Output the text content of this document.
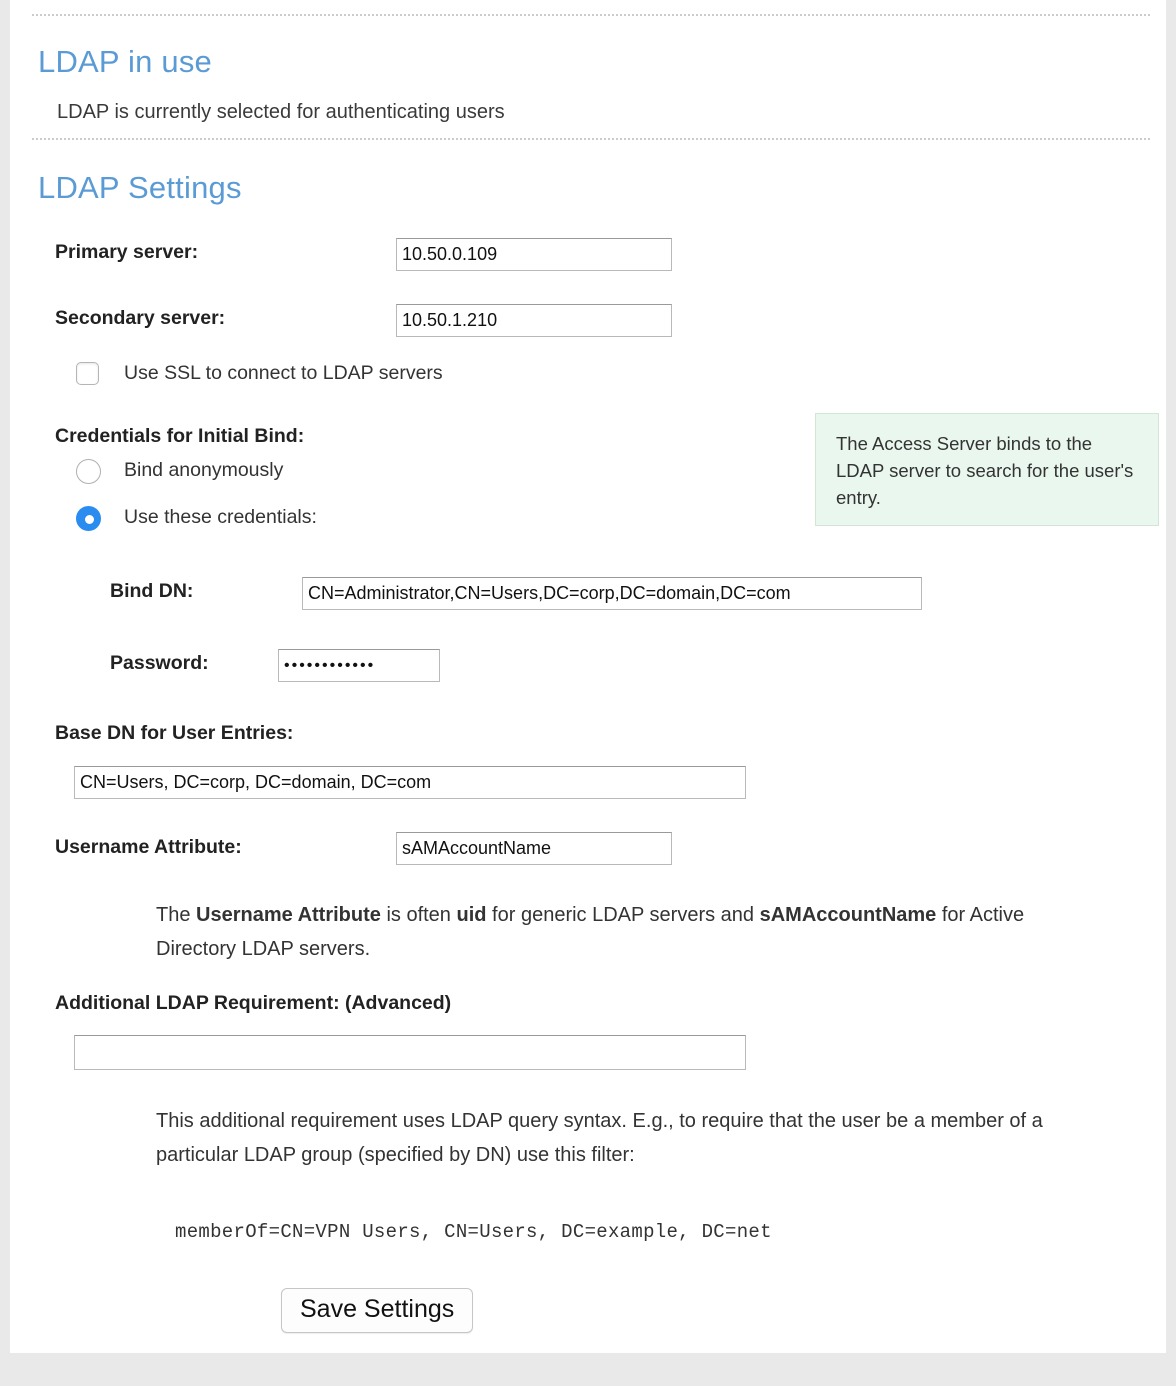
LDAP in use
LDAP is currently selected for authenticating users
LDAP Settings
Primary server:
10.50.0.109
Secondary server:
10.50.1.210
Use SSL to connect to LDAP servers
Credentials for Initial Bind:
Bind anonymously
Use these credentials:
The Access Server binds to the LDAP server to search for the user's entry.
Bind DN:
CN=Administrator,CN=Users,DC=corp,DC=domain,DC=com
Password:
••••••••••••
Base DN for User Entries:
CN=Users, DC=corp, DC=domain, DC=com
Username Attribute:
sAMAccountName
The Username Attribute is often uid for generic LDAP servers and sAMAccountName for Active Directory LDAP servers.
Additional LDAP Requirement: (Advanced)
This additional requirement uses LDAP query syntax. E.g., to require that the user be a member of a particular LDAP group (specified by DN) use this filter:
memberOf=CN=VPN Users, CN=Users, DC=example, DC=net
Save Settings
